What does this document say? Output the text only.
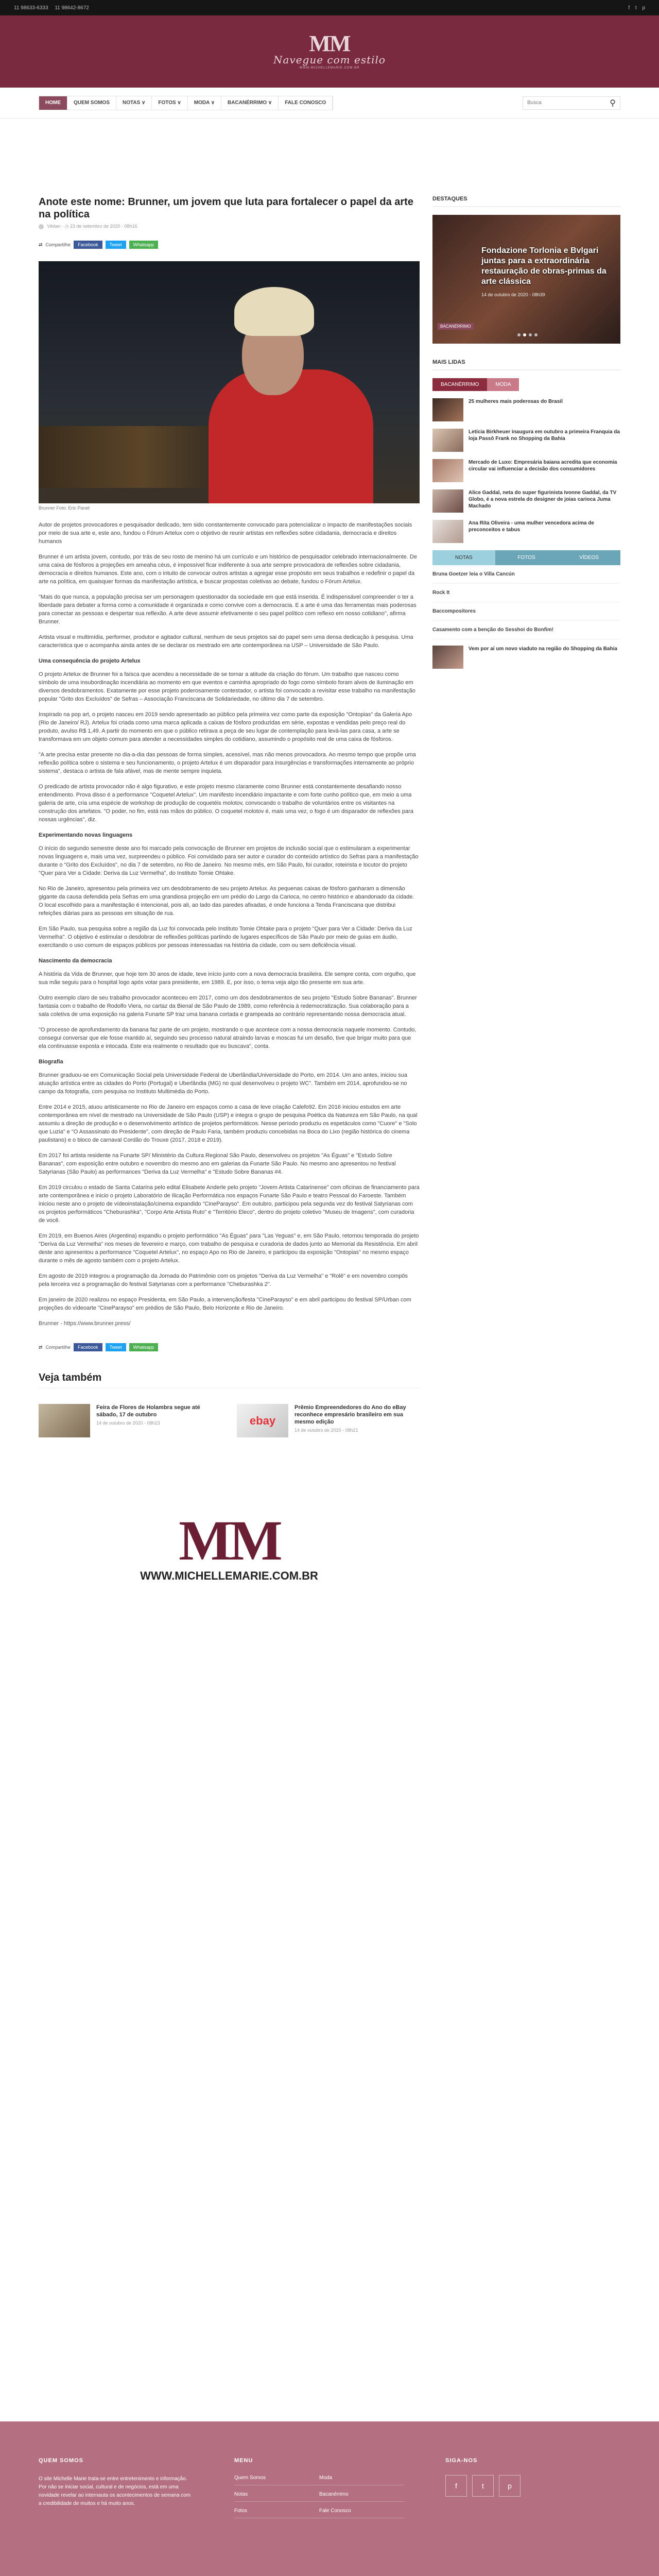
11 98633-6333 11 98642-8672	f t p
MM
Navegue com estilo
WWW.MICHELLEMARIE.COM.BR
HOME	QUEM SOMOS	NOTAS ∨	FOTOS ∨	MODA ∨	BACANÉRRIMO ∨	FALE CONOSCO
Busca	⚲
Anote este nome: Brunner, um jovem que luta para fortalecer o papel da arte na política
Vêdan · ◷ 23 de setembro de 2020 - 08h16
⇄ Compartilhe	Facebook	Tweet	Whatsapp
Brunner Foto: Eric Panet

Autor de projetos provocadores e pesquisador dedicado, tem sido constantemente convocado para potencializar o impacto de manifestações sociais por meio de sua arte e, este ano, fundou o Fórum Artelux com o objetivo de reunir artistas em reflexões sobre cidadania, democracia e direitos humanos

Brunner é um artista jovem, contudo, por trás de seu rosto de menino há um currículo e um histórico de pesquisador celebrado internacionalmente. De uma caixa de fósforos a projeções em ameaha céus, é impossível ficar indiferente à sua arte sempre provocadora de reflexões sobre cidadania, democracia e direitos humanos. Este ano, com o intuito de convocar outros artistas a agregar esse propósito em seus trabalhos e redefinir o papel da arte na política, em quaisquer formas da manifestação artística, e buscar propostas coletivas ao debate, fundou o Fórum Artelux.

"Mais do que nunca, a população precisa ser um personagem questionador da sociedade em que está inserida. É indispensável compreender o ter a liberdade para debater a forma como a comunidade é organizada e como convive com a democracia. E a arte é uma das ferramentas mais poderosas para conectar as pessoas e despertar sua reflexão. A arte deve assumir efetivamente o seu papel político com reflexo em nosso cotidiano", afirma Brunner.

Artista visual e multimídia, performer, produtor e agitador cultural, nenhum de seus projetos sai do papel sem uma densa dedicação à pesquisa. Uma característica que o acompanha ainda antes de se declarar os mestrado em arte contemporânea na USP – Universidade de São Paulo.

Uma consequência do projeto Artelux

O projeto Artelux de Brunner foi a faísca que acendeu a necessidade de se tornar a atitude da criação do fórum. Um trabalho que nasceu como símbolo de uma insubordinação incendiária ao momento em que eventos e caminha apropriado do fogo como símbolo foram alvos de iluminação em diversos desdobramentos. Exatamente por esse projeto poderosamente contestador, o artista foi convocado a revisitar esse trabalho na manifestação popular "Grito dos Excluídos" de Sefras – Associação Franciscana de Solidariedade, no último dia 7 de setembro.

Inspirado na pop art, o projeto nasceu em 2019 sendo apresentado ao público pela primeira vez como parte da exposição "Ontopias" da Galeria Apo (Rio de Janeiro/ RJ). Artelux foi criada como uma marca aplicada a caixas de fósforo produzidas em série, expostas e vendidas pelo preço real do produto, avulso R$ 1,49. A partir do momento em que o público retirava a peça de seu lugar de contemplação para levá-las para casa, a arte se transformava em um objeto comum para atender a necessidades simples do cotidiano, assumindo o propósito real de uma caixa de fósforos.

"A arte precisa estar presente no dia-a-dia das pessoas de forma simples, acessível, mas não menos provocadora. Ao mesmo tempo que propõe uma reflexão política sobre o sistema e seu funcionamento, o projeto Artelux é um disparador para insurgências e transformações internamente ao próprio sistema", destaca o artista de fala afável, mas de mente sempre inquieta.

O predicado de artista provocador não é algo figurativo, e este projeto mesmo claramente como Brunner está constantemente desafiando nosso entendimento. Prova disso é a performance "Coquetel Artelux". Um manifesto incendiário impactante e com forte cunho político que, em meio a uma galeria de arte, cria uma espécie de workshop de produção de coquetéis molotov, convocando o trabalho de voluntários entre os visitantes na construção dos artefatos. "O poder, no fim, está nas mãos do público. O coquetel molotov é, mais uma vez, o fogo é um disparador de reflexões para nossas urgências", diz.

Experimentando novas linguagens

O início do segundo semestre deste ano foi marcado pela convocação de Brunner em projetos de inclusão social que o estimularam a experimentar novas linguagens e, mais uma vez, surpreendeu o público. Foi convidado para ser autor e curador do conteúdo artístico do Sefras para a manifestação durante o "Grito dos Excluídos", no dia 7 de setembro, no Rio de Janeiro. No mesmo mês, em São Paulo, foi curador, roteirista e locutor do projeto "Quer para Ver a Cidade: Deriva da Luz Vermelha", do Instituto Tomie Ohtake.

No Rio de Janeiro, apresentou pela primeira vez um desdobramento de seu projeto Artelux. As pequenas caixas de fósforo ganharam a dimensão gigante da causa defendida pela Sefras em uma grandiosa projeção em um prédio do Largo da Carioca, no centro histórico e abandonado da cidade. O local escolhido para a manifestação é intencional, pois ali, ao lado das paredes afixadas, é onde funciona a Tenda Franciscana que distribui refeições diárias para as pessoas em situação de rua.

Em São Paulo, sua pesquisa sobre a região da Luz foi convocada pelo Instituto Tomie Ohtake para o projeto "Quer para Ver a Cidade: Deriva da Luz Vermelha". O objetivo é estimular o desdobrar de reflexões políticas partindo de lugares específicos de São Paulo por meio de guias em áudio, exercitando o uso comum de espaços públicos por pessoas interessadas na história da cidade, com ou sem deficiência visual.

Nascimento da democracia

A história da Vida de Brunner, que hoje tem 30 anos de idade, teve início junto com a nova democracia brasileira. Ele sempre conta, com orgulho, que sua mãe seguiu para o hospital logo após votar para presidente, em 1989. E, por isso, o tema veja algo tão presente em sua arte.

Outro exemplo claro de seu trabalho provocador aconteceu em 2017, como um dos desdobramentos de seu projeto "Estudo Sobre Bananas". Brunner fantasia com o trabalho de Rodolfo Viera, no cartaz da Bienal de São Paulo de 1989, como referência à redemocratização. Sua colaboração para a sala coletiva de uma exposição na galeria Funarte SP traz uma banana cortada e grampeada ao contrário representando nossa democracia atual.

"O processo de aprofundamento da banana faz parte de um projeto, mostrando o que acontece com a nossa democracia naquele momento. Contudo, consegui conversar que ele fosse mantido aí, seguindo seu processo natural atraindo larvas e moscas fui um desafio, tive que brigar muito para que ela continuasse exposta e intocada. Este era realmente o resultado que eu buscava", conta.

Biografia

Brunner graduou-se em Comunicação Social pela Universidade Federal de Uberlândia/Universidade do Porto, em 2014. Um ano antes, iniciou sua atuação artística entre as cidades do Porto (Portugal) e Uberlândia (MG) no qual desenvolveu o projeto WC". Também em 2014, aprofundou-se no campo da fotografia, com pesquisa no Instituto Multimédia do Porto.

Entre 2014 e 2015, atuou artisticamente no Rio de Janeiro em espaços como a casa de leve criação Calefo92. Em 2016 iniciou estudos em arte contemporânea em nível de mestrado na Universidade de São Paulo (USP) e integra o grupo de pesquisa Poética da Natureza em São Paulo, na qual assumiu a direção de produção e o desenvolvimento artístico de projetos performáticos. Nesse período produziu os espetáculos como "Cuore" e "Solo que Luzia" e "O Assassinato do Presidente", com direção de Paulo Faria, também produziu concebidas na Boca do Lixo (região histórica do cinema paulistano) e o bloco de carnaval Cordão do Trouxe (2017, 2018 e 2019).

Em 2017 foi artista residente na Funarte SP/ Ministério da Cultura Regional São Paulo, desenvolveu os projetos "As Éguas" e "Estudo Sobre Bananas", com exposição entre outubro e novembro do mesmo ano em galerias da Funarte São Paulo. No mesmo ano apresentou no festival Satyrianas (São Paulo) as performances "Deriva da Luz Vermelha" e "Estudo Sobre Bananas #4.

Em 2019 circulou o estado de Santa Catarina pelo edital Elisabete Anderle pelo projeto "Jovem Artista Catarinense" com oficinas de financiamento para arte contemporânea e inicio o projeto Laboratório de Ilicação Performática nos espaços Funarte São Paulo e teatro Pessoal do Faroeste. Também iniciou neste ano o projeto de vídeoinstalação/cinema expandido "CineParayso". Em outubro, participou pela segunda vez do festival Satyrianas com os projetos performáticos "Cheburashka", "Corpo Arte Artista Ruto" e "Território Eleco", dentro do projeto coletivo "Museu de Imagens", com curadoria de você.

Em 2019, em Buenos Aires (Argentina) expandiu o projeto performático "As Éguas" para "Las Yeguas" e, em São Paulo, retornou temporada do projeto "Deriva da Luz Vermelha" nos meses de fevereiro e março, com trabalho de pesquisa e curadoria de dados junto ao Memorial da Resistência. Em abril deste ano apresentou a performance "Coquetel Artelux", no espaço Apo no Rio de Janeiro, e participou da exposição "Ontopias" no mesmo espaço durante o mês de agosto também com o projeto Artelux.

Em agosto de 2019 integrou a programação da Jornada do Patrimônio com os projetos "Deriva da Luz Vermelha" e "Rolê" e em novembro compôs pela terceira vez a programação do festival Satyrianas com a performance "Cheburashka 2".

Em janeiro de 2020 realizou no espaço Presidenta, em São Paulo, a intervenção/festa "CineParayso" e em abril participou do festival SP/Urban com projeções do vídeoarte "CineParayso" em prédios de São Paulo, Belo Horizonte e Rio de Janeiro.

Brunner - https://www.brunner.press/

⇄ Compartilhe	Facebook	Tweet	Whatsapp
Veja também
Feira de Flores de Holambra segue até sábado, 17 de outubro
14 de outubro de 2020 - 08h23	ebay
Prêmio Empreendedores do Ano do eBay reconhece empresário brasileiro em sua mesmo edição
14 de outubro de 2020 - 08h21
MM
WWW.MICHELLEMARIE.COM.BR
DESTAQUES
Fondazione Torlonia e Bvlgari juntas para a extraordinária restauração de obras-primas da arte clássica
14 de outubro de 2020 - 08h39
BACANÉRRIMO
MAIS LIDAS
BACANÉRRIMO	MODA
25 mulheres mais poderosas do Brasil
Letícia Birkheuer inaugura em outubro a primeira Franquia da loja Passô Frank no Shopping da Bahia
Mercado de Luxo: Empresária baiana acredita que economia circular vai influenciar a decisão dos consumidores
Alice Gaddal, neta do super figurinista Ivonne Gaddal, da TV Globo, é a nova estrela do designer de joias carioca Juma Machado
Ana Rita Oliveira - uma mulher vencedora acima de preconceitos e tabus
NOTAS	FOTOS	VÍDEOS
Bruna Goetzer leia o Villa Cancún
Rock It
Baccompositores
Casamento com a benção do Sesshoi do Bonfim!
Vem por aí um novo viaduto na região do Shopping da Bahia
QUEM SOMOS

O site Michelle Marie trata-se entre entretenimento e informação. Por não se iniciar social, cultural e de negócios, está em uma novidade revelar ao internauta os acontecimentos de semana com a credibilidade de muitos e há muito anos.

MENU
Quem Somos	Moda
Notas	Bacanérrimo
Fotos	Fale Conosco
SIGA-NOS
f	t	p
